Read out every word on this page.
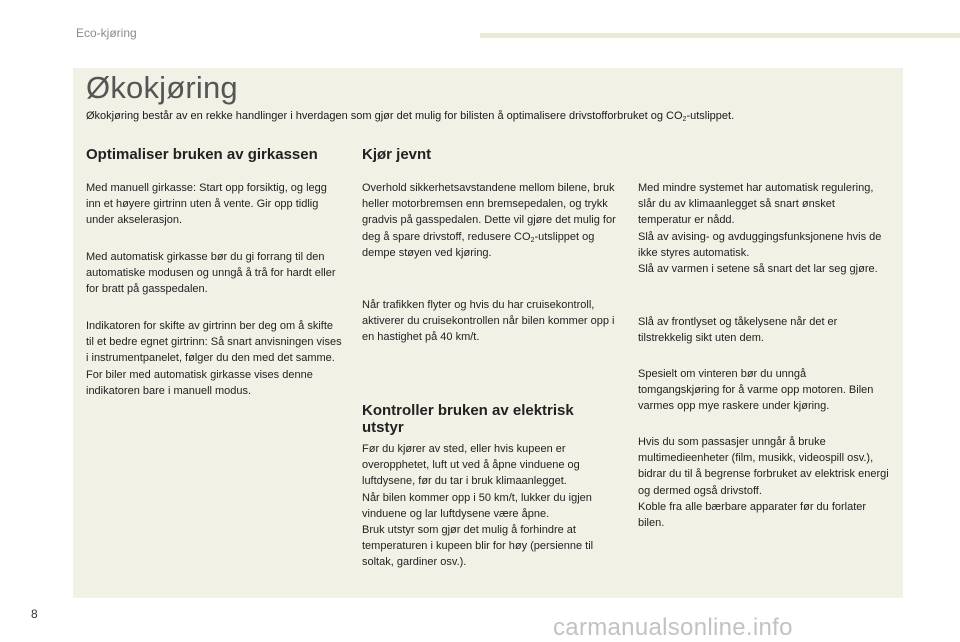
Eco-kjøring
Økokjøring

Økokjøring består av en rekke handlinger i hverdagen som gjør det mulig for bilisten å optimalisere drivstofforbruket og $CO_2$-utslippet.

Optimaliser bruken av girkassen

Med manuell girkasse: Start opp forsiktig, og legg inn et høyere girtrinn uten å vente. Gir opp tidlig under akselerasjon.

Med automatisk girkasse bør du gi forrang til den automatiske modusen og unngå å trå for hardt eller for bratt på gasspedalen.

Indikatoren for skifte av girtrinn ber deg om å skifte til et bedre egnet girtrinn: Så snart anvisningen vises i instrumentpanelet, følger du den med det samme.
For biler med automatisk girkasse vises denne indikatoren bare i manuell modus.

Kjør jevnt

Overhold sikkerhetsavstandene mellom bilene, bruk heller motorbremsen enn bremsepedalen, og trykk gradvis på gasspedalen. Dette vil gjøre det mulig for deg å spare drivstoff, redusere $CO_2$-utslippet og dempe støyen ved kjøring.

Når trafikken flyter og hvis du har cruisekontroll, aktiverer du cruisekontrollen når bilen kommer opp i en hastighet på 40 km/t.

Kontroller bruken av elektrisk utstyr

Før du kjører av sted, eller hvis kupeen er overopphetet, luft ut ved å åpne vinduene og luftdysene, før du tar i bruk klimaanlegget.
Når bilen kommer opp i 50 km/t, lukker du igjen vinduene og lar luftdysene være åpne.
Bruk utstyr som gjør det mulig å forhindre at temperaturen i kupeen blir for høy (persienne til soltak, gardiner osv.).

Med mindre systemet har automatisk regulering, slår du av klimaanlegget så snart ønsket temperatur er nådd.
Slå av avising- og avduggingsfunksjonene hvis de ikke styres automatisk.
Slå av varmen i setene så snart det lar seg gjøre.

Slå av frontlyset og tåkelysene når det er tilstrekkelig sikt uten dem.

Spesielt om vinteren bør du unngå tomgangskjøring for å varme opp motoren. Bilen varmes opp mye raskere under kjøring.

Hvis du som passasjer unngår å bruke multimedieenheter (film, musikk, videospill osv.), bidrar du til å begrense forbruket av elektrisk energi og dermed også drivstoff.
Koble fra alle bærbare apparater før du forlater bilen.

8	carmanualsonline.info
